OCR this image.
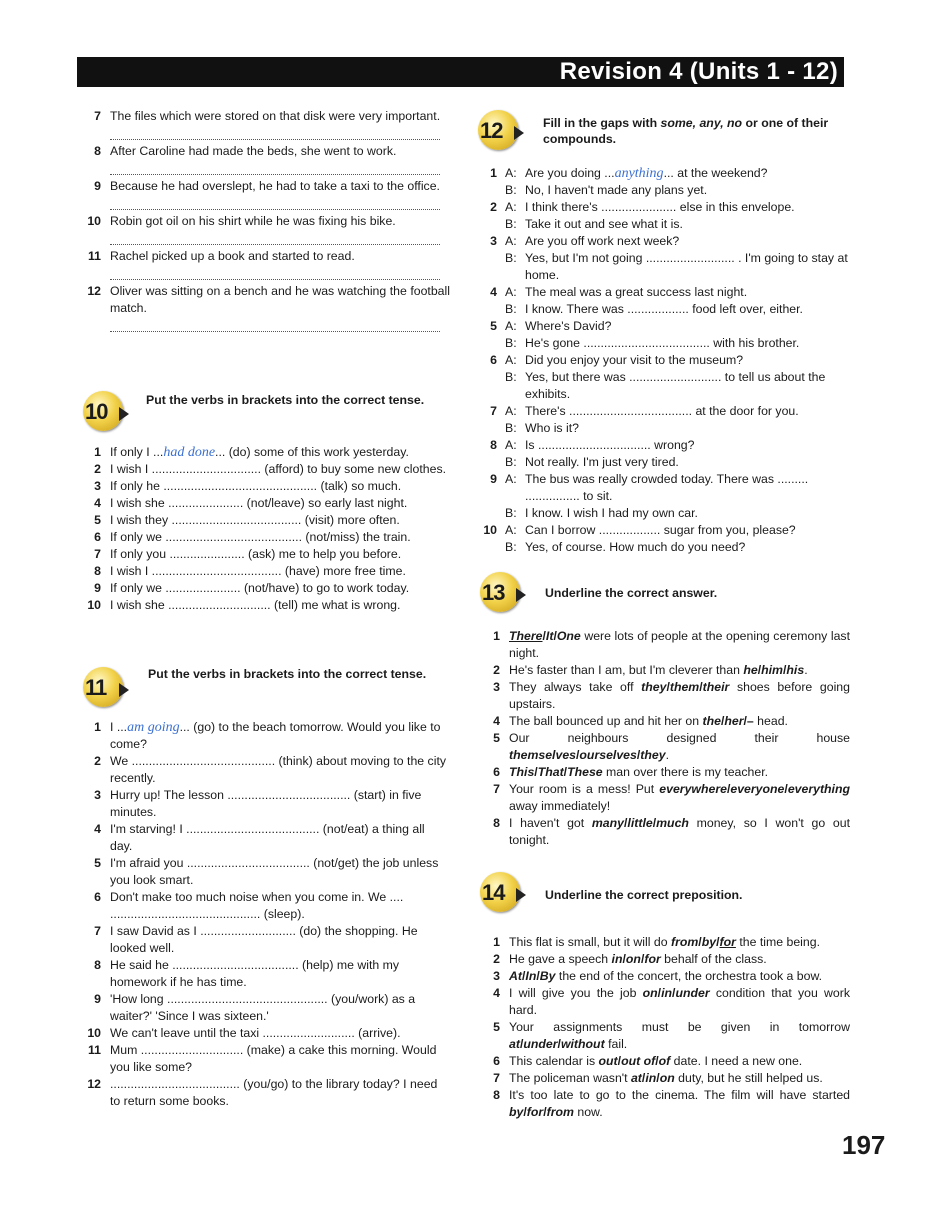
Revision 4 (Units 1 - 12)
7 The files which were stored on that disk were very important.
8 After Caroline had made the beds, she went to work.
9 Because he had overslept, he had to take a taxi to the office.
10 Robin got oil on his shirt while he was fixing his bike.
11 Rachel picked up a book and started to read.
12 Oliver was sitting on a bench and he was watching the football match.
10	Put the verbs in brackets into the correct tense.
1 If only I ...had done... (do) some of this work yesterday.
2 I wish I ................................ (afford) to buy some new clothes.
3 If only he ............................................. (talk) so much.
4 I wish she ...................... (not/leave) so early last night.
5 I wish they ...................................... (visit) more often.
6 If only we ........................................ (not/miss) the train.
7 If only you ...................... (ask) me to help you before.
8 I wish I ...................................... (have) more free time.
9 If only we ...................... (not/have) to go to work today.
10 I wish she .............................. (tell) me what is wrong.
11
Put the verbs in brackets into the correct tense.
1 I ...am going... (go) to the beach tomorrow. Would you like to come?
2 We .......................................... (think) about moving to the city recently.
3 Hurry up! The lesson .................................... (start) in five minutes.
4 I'm starving! I ....................................... (not/eat) a thing all day.
5 I'm afraid you .................................... (not/get) the job unless you look smart.
6 Don't make too much noise when you come in. We .... ............................................ (sleep).
7 I saw David as I ............................ (do) the shopping. He looked well.
8 He said he ..................................... (help) me with my homework if he has time.
9 'How long ............................................... (you/work) as a waiter?' 'Since I was sixteen.'
10 We can't leave until the taxi ........................... (arrive).
11 Mum .............................. (make) a cake this morning. Would you like some?
12 ...................................... (you/go) to the library today? I need to return some books.
12	Fill in the gaps with some, any, no or one of their compounds.
1 A: Are you doing ...anything... at the weekend?
B: No, I haven't made any plans yet.
2 A: I think there's ...................... else in this envelope.
B: Take it out and see what it is.
3 A: Are you off work next week?
B: Yes, but I'm not going .......................... . I'm going to stay at home.
4 A: The meal was a great success last night.
B: I know. There was .................. food left over, either.
5 A: Where's David?
B: He's gone ..................................... with his brother.
6 A: Did you enjoy your visit to the museum?
B: Yes, but there was ........................... to tell us about the exhibits.
7 A: There's .................................... at the door for you.
B: Who is it?
8 A: Is ................................. wrong?
B: Not really. I'm just very tired.
9 A: The bus was really crowded today. There was ......... ................ to sit.
B: I know. I wish I had my own car.
10 A: Can I borrow .................. sugar from you, please?
B: Yes, of course. How much do you need?
13	Underline the correct answer.
1 There/It/One were lots of people at the opening ceremony last night.
2 He's faster than I am, but I'm cleverer than he/him/his.
3 They always take off they/them/their shoes before going upstairs.
4 The ball bounced up and hit her on the/her/– head.
5 Our neighbours designed their house themselves/ourselves/they.
6 This/That/These man over there is my teacher.
7 Your room is a mess! Put everywhere/everyone/everything away immediately!
8 I haven't got many/little/much money, so I won't go out tonight.
14	Underline the correct preposition.
1 This flat is small, but it will do from/by/for the time being.
2 He gave a speech in/on/for behalf of the class.
3 At/In/By the end of the concert, the orchestra took a bow.
4 I will give you the job on/in/under condition that you work hard.
5 Your assignments must be given in tomorrow at/under/without fail.
6 This calendar is out/out of/of date. I need a new one.
7 The policeman wasn't at/in/on duty, but he still helped us.
8 It's too late to go to the cinema. The film will have started by/for/from now.
197
